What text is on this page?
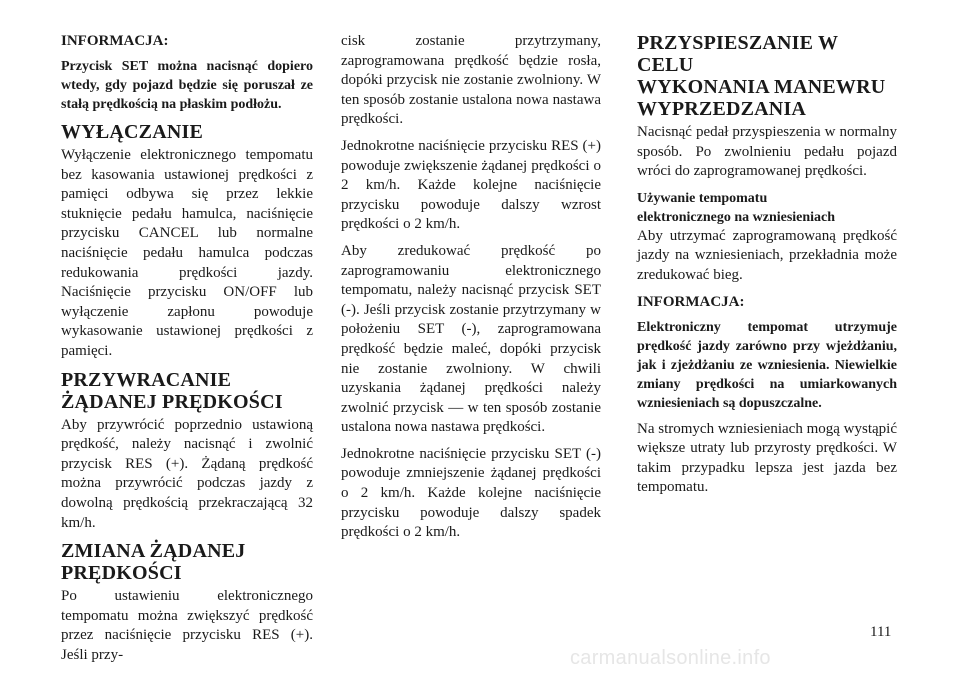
INFORMACJA:
Przycisk SET można nacisnąć dopiero wtedy, gdy pojazd będzie się poruszał ze stałą prędkością na płaskim podłożu.
WYŁĄCZANIE

Wyłączenie elektronicznego tempomatu bez kasowania ustawionej prędkości z pamięci odbywa się przez lekkie stuknięcie pedału hamulca, naciśnięcie przycisku CANCEL lub normalne naciśnięcie pedału hamulca podczas redukowania prędkości jazdy. Naciśnięcie przycisku ON/OFF lub wyłączenie zapłonu powoduje wykasowanie ustawionej prędkości z pamięci.

PRZYWRACANIE
ŻĄDANEJ PRĘDKOŚCI

Aby przywrócić poprzednio ustawioną prędkość, należy nacisnąć i zwolnić przycisk RES (+). Żądaną prędkość można przywrócić podczas jazdy z dowolną prędkością przekraczającą 32 km/h.

ZMIANA ŻĄDANEJ
PRĘDKOŚCI

Po ustawieniu elektronicznego tempomatu można zwiększyć prędkość przez naciśnięcie przycisku RES (+). Jeśli przy-

cisk zostanie przytrzymany, zaprogramowana prędkość będzie rosła, dopóki przycisk nie zostanie zwolniony. W ten sposób zostanie ustalona nowa nastawa prędkości.

Jednokrotne naciśnięcie przycisku RES (+) powoduje zwiększenie żądanej prędkości o 2 km/h. Każde kolejne naciśnięcie przycisku powoduje dalszy wzrost prędkości o 2 km/h.

Aby zredukować prędkość po zaprogramowaniu elektronicznego tempomatu, należy nacisnąć przycisk SET (-). Jeśli przycisk zostanie przytrzymany w położeniu SET (-), zaprogramowana prędkość będzie maleć, dopóki przycisk nie zostanie zwolniony. W chwili uzyskania żądanej prędkości należy zwolnić przycisk — w ten sposób zostanie ustalona nowa nastawa prędkości.

Jednokrotne naciśnięcie przycisku SET (-) powoduje zmniejszenie żądanej prędkości o 2 km/h. Każde kolejne naciśnięcie przycisku powoduje dalszy spadek prędkości o 2 km/h.

PRZYSPIESZANIE W CELU
WYKONANIA MANEWRU
WYPRZEDZANIA

Nacisnąć pedał przyspieszenia w normalny sposób. Po zwolnieniu pedału pojazd wróci do zaprogramowanej prędkości.

Używanie tempomatu
elektronicznego na wzniesieniach

Aby utrzymać zaprogramowaną prędkość jazdy na wzniesieniach, przekładnia może zredukować bieg.

INFORMACJA:
Elektroniczny tempomat utrzymuje prędkość jazdy zarówno przy wjeżdżaniu, jak i zjeżdżaniu ze wzniesienia. Niewielkie zmiany prędkości na umiarkowanych wzniesieniach są dopuszczalne.

Na stromych wzniesieniach mogą wystąpić większe utraty lub przyrosty prędkości. W takim przypadku lepsza jest jazda bez tempomatu.

111
carmanualsonline.info
